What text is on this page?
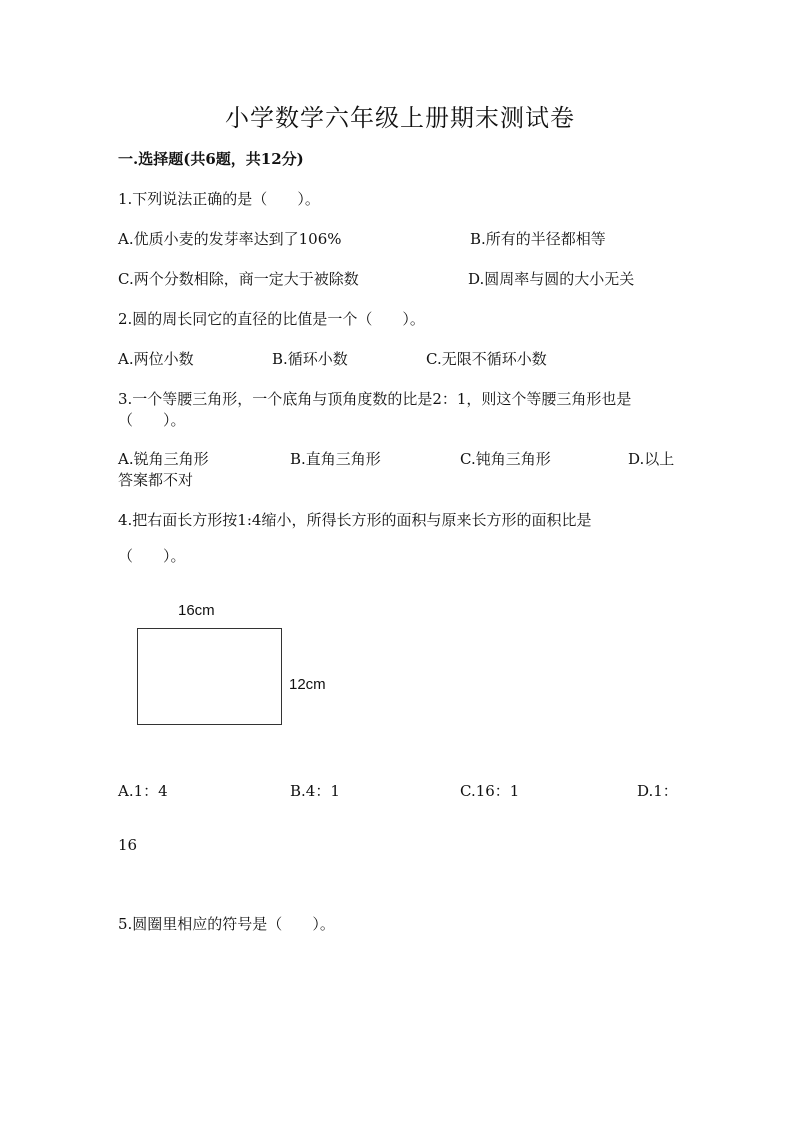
小学数学六年级上册期末测试卷
一.选择题(共6题，共12分)
1.下列说法正确的是（　　）。
A.优质小麦的发芽率达到了106%	B.所有的半径都相等
C.两个分数相除，商一定大于被除数	D.圆周率与圆的大小无关
2.圆的周长同它的直径的比值是一个（　　）。
A.两位小数	B.循环小数	C.无限不循环小数
3.一个等腰三角形，一个底角与顶角度数的比是2：1，则这个等腰三角形也是
（　　）。
A.锐角三角形	B.直角三角形	C.钝角三角形	D.以上
答案都不对
4.把右面长方形按1:4缩小，所得长方形的面积与原来长方形的面积比是
（　　）。
16cm
12cm
A.1：4	B.4：1	C.16：1	D.1：
16
5.圆圈里相应的符号是（　　）。
